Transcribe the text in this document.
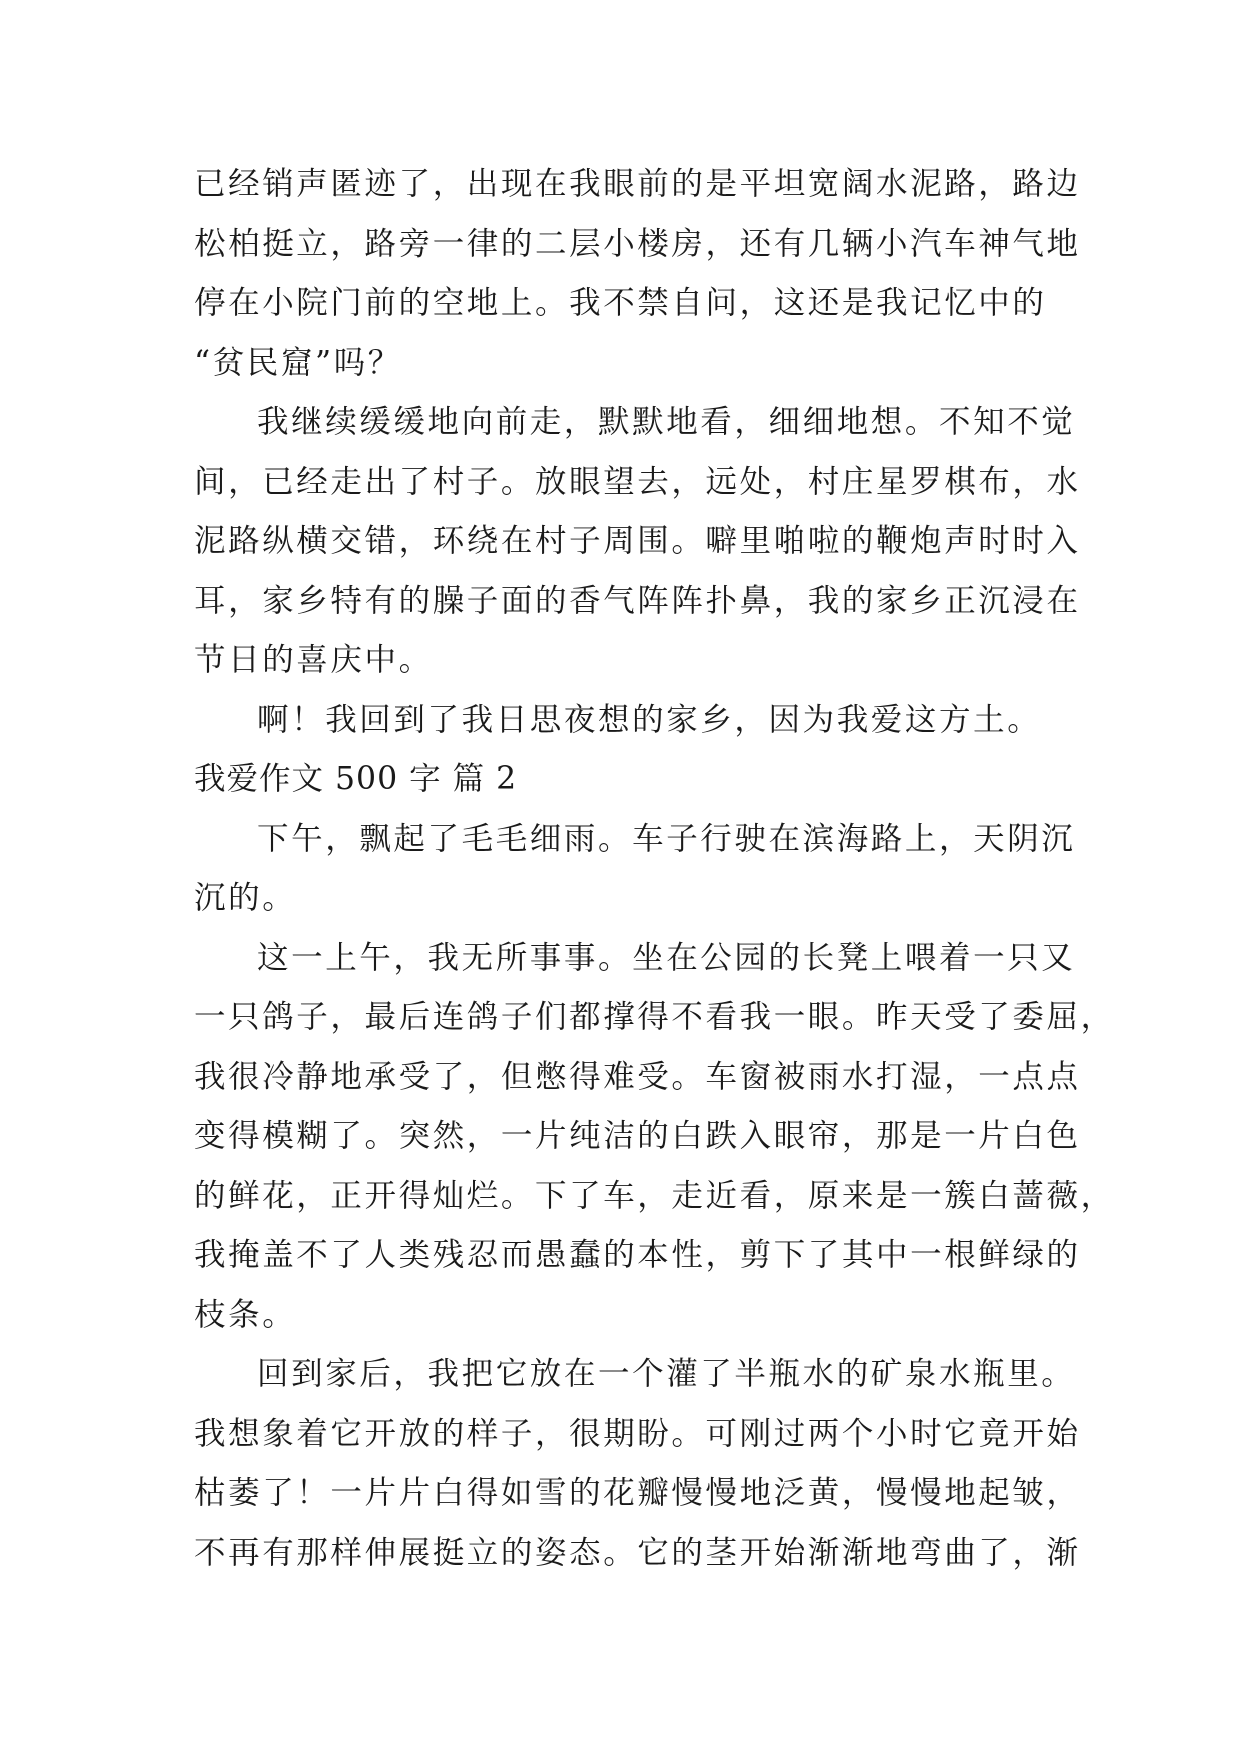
已经销声匿迹了，出现在我眼前的是平坦宽阔水泥路，路边
松柏挺立，路旁一律的二层小楼房，还有几辆小汽车神气地
停在小院门前的空地上。我不禁自问，这还是我记忆中的
“贫民窟”吗？

我继续缓缓地向前走，默默地看，细细地想。不知不觉
间，已经走出了村子。放眼望去，远处，村庄星罗棋布，水
泥路纵横交错，环绕在村子周围。噼里啪啦的鞭炮声时时入
耳，家乡特有的臊子面的香气阵阵扑鼻，我的家乡正沉浸在
节日的喜庆中。

啊！我回到了我日思夜想的家乡，因为我爱这方土。

我爱作文 500 字 篇 2

下午，飘起了毛毛细雨。车子行驶在滨海路上，天阴沉
沉的。

这一上午，我无所事事。坐在公园的长凳上喂着一只又
一只鸽子，最后连鸽子们都撑得不看我一眼。昨天受了委屈，
我很冷静地承受了，但憋得难受。车窗被雨水打湿，一点点
变得模糊了。突然，一片纯洁的白跌入眼帘，那是一片白色
的鲜花，正开得灿烂。下了车，走近看，原来是一簇白蔷薇，
我掩盖不了人类残忍而愚蠢的本性，剪下了其中一根鲜绿的
枝条。

回到家后，我把它放在一个灌了半瓶水的矿泉水瓶里。
我想象着它开放的样子，很期盼。可刚过两个小时它竟开始
枯萎了！一片片白得如雪的花瓣慢慢地泛黄，慢慢地起皱，
不再有那样伸展挺立的姿态。它的茎开始渐渐地弯曲了，渐
